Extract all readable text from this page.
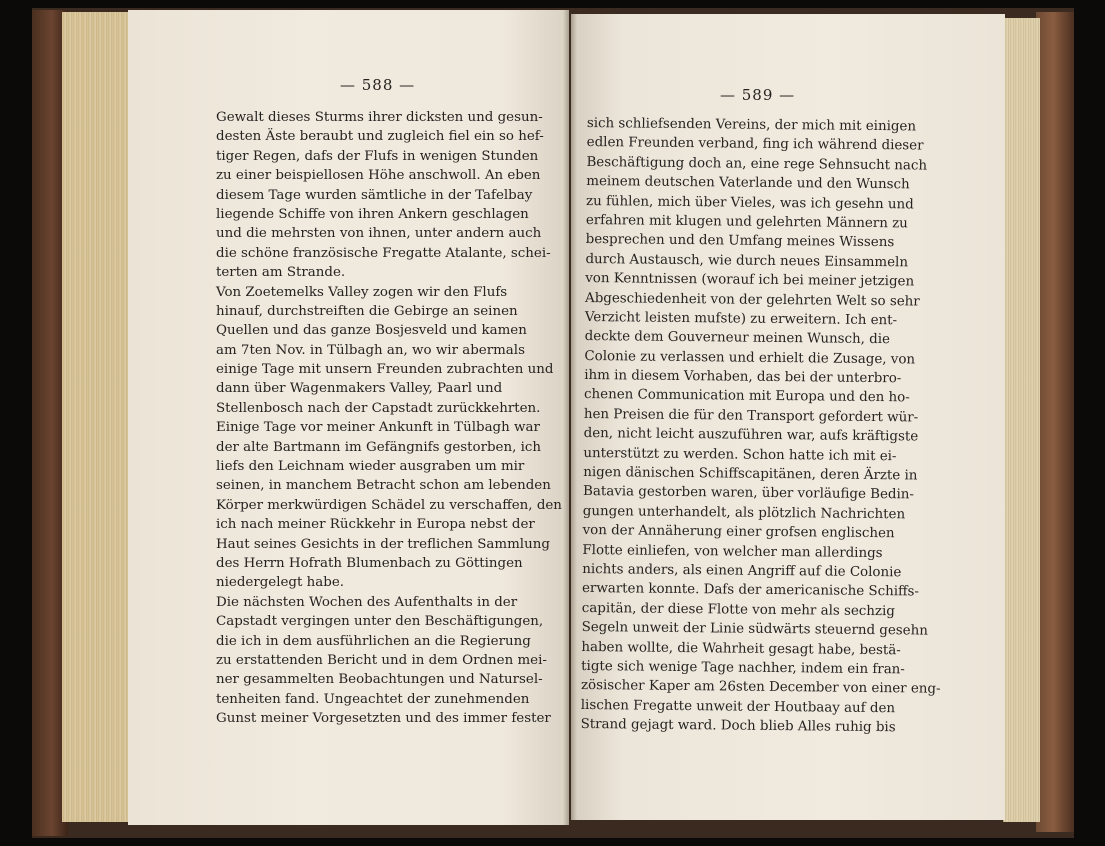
— 588 —
Gewalt dieses Sturms ihrer dicksten und gesun-
desten Äste beraubt und zugleich fiel ein so hef-
tiger Regen, dafs der Flufs in wenigen Stunden
zu einer beispiellosen Höhe anschwoll. An eben
diesem Tage wurden sämtliche in der Tafelbay
liegende Schiffe von ihren Ankern geschlagen
und die mehrsten von ihnen, unter andern auch
die schöne französische Fregatte Atalante, schei-
terten am Strande.
Von Zoetemelks Valley zogen wir den Flufs
hinauf, durchstreiften die Gebirge an seinen
Quellen und das ganze Bosjesveld und kamen
am 7ten Nov. in Tülbagh an, wo wir abermals
einige Tage mit unsern Freunden zubrachten und
dann über Wagenmakers Valley, Paarl und
Stellenbosch nach der Capstadt zurückkehrten.
Einige Tage vor meiner Ankunft in Tülbagh war
der alte Bartmann im Gefängnifs gestorben, ich
liefs den Leichnam wieder ausgraben um mir
seinen, in manchem Betracht schon am lebenden
Körper merkwürdigen Schädel zu verschaffen, den
ich nach meiner Rückkehr in Europa nebst der
Haut seines Gesichts in der treflichen Sammlung
des Herrn Hofrath Blumenbach zu Göttingen
niedergelegt habe.
Die nächsten Wochen des Aufenthalts in der
Capstadt vergingen unter den Beschäftigungen,
die ich in dem ausführlichen an die Regierung
zu erstattenden Bericht und in dem Ordnen mei-
ner gesammelten Beobachtungen und Natursel-
tenheiten fand. Ungeachtet der zunehmenden
Gunst meiner Vorgesetzten und des immer fester
— 589 —
sich schliefsenden Vereins, der mich mit einigen
edlen Freunden verband, fing ich während dieser
Beschäftigung doch an, eine rege Sehnsucht nach
meinem deutschen Vaterlande und den Wunsch
zu fühlen, mich über Vieles, was ich gesehn und
erfahren mit klugen und gelehrten Männern zu
besprechen und den Umfang meines Wissens
durch Austausch, wie durch neues Einsammeln
von Kenntnissen (worauf ich bei meiner jetzigen
Abgeschiedenheit von der gelehrten Welt so sehr
Verzicht leisten mufste) zu erweitern. Ich ent-
deckte dem Gouverneur meinen Wunsch, die
Colonie zu verlassen und erhielt die Zusage, von
ihm in diesem Vorhaben, das bei der unterbro-
chenen Communication mit Europa und den ho-
hen Preisen die für den Transport gefordert wür-
den, nicht leicht auszuführen war, aufs kräftigste
unterstützt zu werden. Schon hatte ich mit ei-
nigen dänischen Schiffscapitänen, deren Ärzte in
Batavia gestorben waren, über vorläufige Bedin-
gungen unterhandelt, als plötzlich Nachrichten
von der Annäherung einer grofsen englischen
Flotte einliefen, von welcher man allerdings
nichts anders, als einen Angriff auf die Colonie
erwarten konnte. Dafs der americanische Schiffs-
capitän, der diese Flotte von mehr als sechzig
Segeln unweit der Linie südwärts steuernd gesehn
haben wollte, die Wahrheit gesagt habe, bestä-
tigte sich wenige Tage nachher, indem ein fran-
zösischer Kaper am 26sten December von einer eng-
lischen Fregatte unweit der Houtbaay auf den
Strand gejagt ward. Doch blieb Alles ruhig bis
